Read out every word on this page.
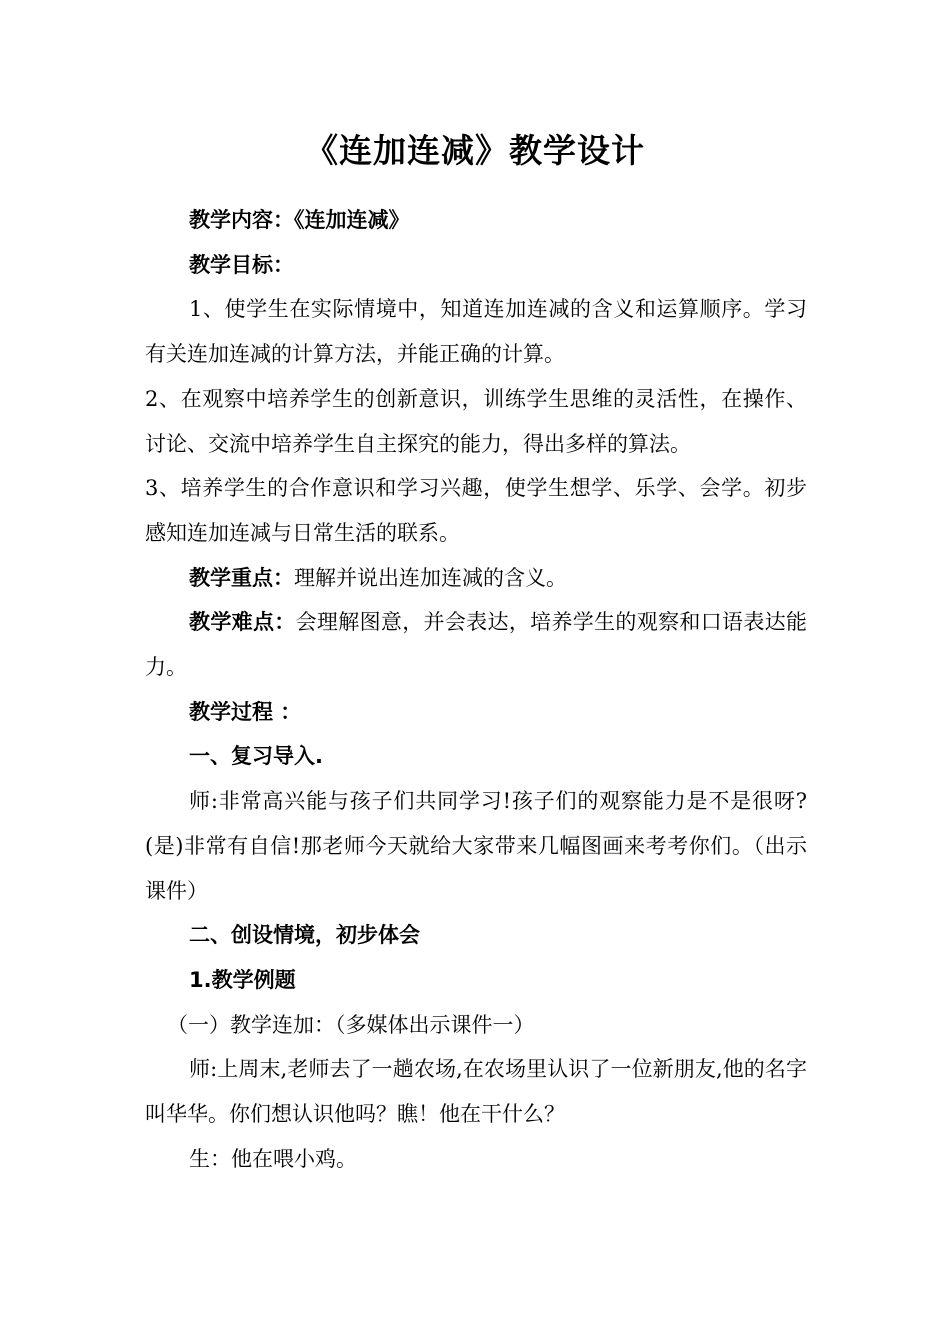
《连加连减》教学设计

教学内容：《连加连减》

教学目标：

1、使学生在实际情境中，知道连加连减的含义和运算顺序。学习有关连加连减的计算方法，并能正确的计算。

2、在观察中培养学生的创新意识，训练学生思维的灵活性，在操作、讨论、交流中培养学生自主探究的能力，得出多样的算法。

3、培养学生的合作意识和学习兴趣，使学生想学、乐学、会学。初步感知连加连减与日常生活的联系。

教学重点：理解并说出连加连减的含义。

教学难点：会理解图意，并会表达，培养学生的观察和口语表达能力。

教学过程 ：

一、复习导入.

师:非常高兴能与孩子们共同学习!孩子们的观察能力是不是很呀?(是)非常有自信!那老师今天就给大家带来几幅图画来考考你们。（出示课件）

二、创设情境，初步体会

1.教学例题

（一）教学连加：（多媒体出示课件一）

师:上周末,老师去了一趟农场,在农场里认识了一位新朋友,他的名字叫华华。你们想认识他吗？瞧！他在干什么？

生：他在喂小鸡。
